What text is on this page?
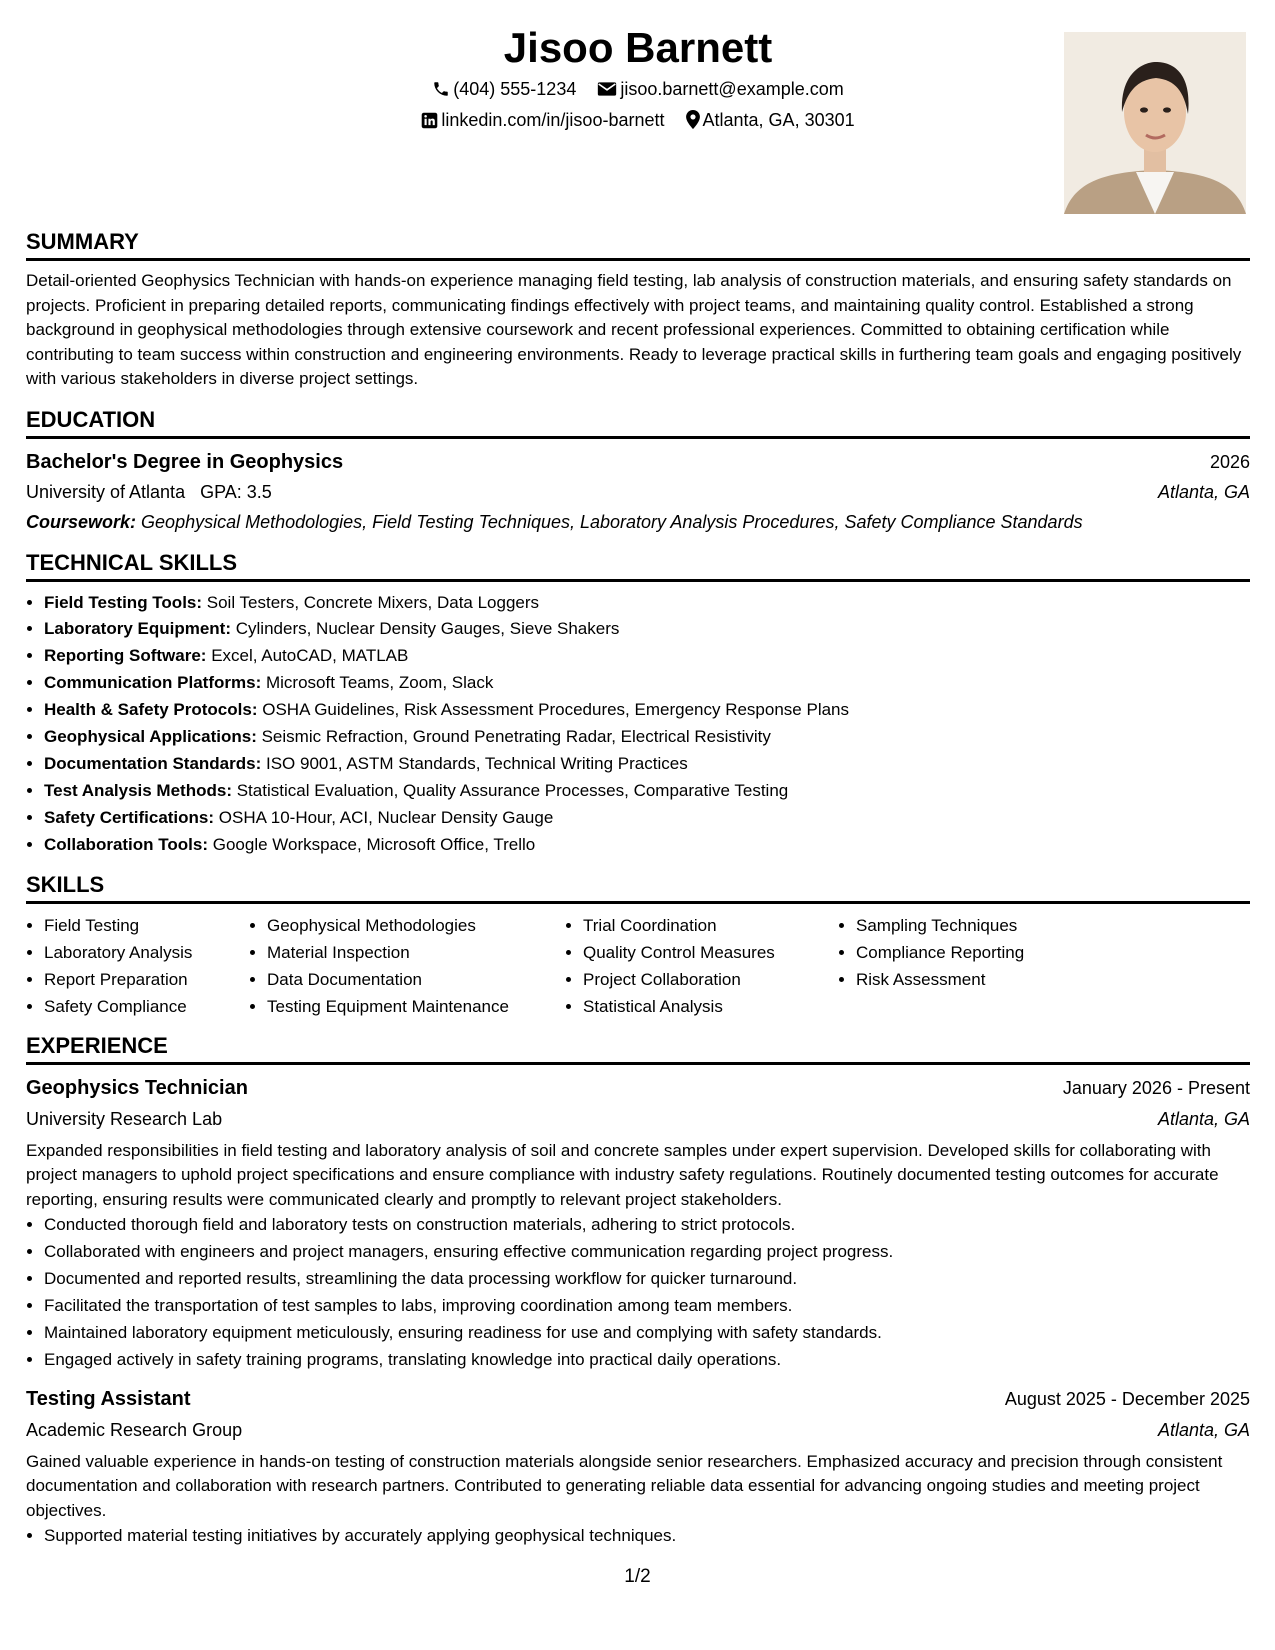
Jisoo Barnett
(404) 555-1234 jisoo.barnett@example.com
linkedin.com/in/jisoo-barnett Atlanta, GA, 30301
SUMMARY

Detail-oriented Geophysics Technician with hands-on experience managing field testing, lab analysis of construction materials, and ensuring safety standards on projects. Proficient in preparing detailed reports, communicating findings effectively with project teams, and maintaining quality control. Established a strong background in geophysical methodologies through extensive coursework and recent professional experiences. Committed to obtaining certification while contributing to team success within construction and engineering environments. Ready to leverage practical skills in furthering team goals and engaging positively with various stakeholders in diverse project settings.

EDUCATION
Bachelor's Degree in Geophysics	2026
University of Atlanta GPA: 3.5	Atlanta, GA
Coursework: Geophysical Methodologies, Field Testing Techniques, Laboratory Analysis Procedures, Safety Compliance Standards
TECHNICAL SKILLS
• Field Testing Tools: Soil Testers, Concrete Mixers, Data Loggers
• Laboratory Equipment: Cylinders, Nuclear Density Gauges, Sieve Shakers
• Reporting Software: Excel, AutoCAD, MATLAB
• Communication Platforms: Microsoft Teams, Zoom, Slack
• Health & Safety Protocols: OSHA Guidelines, Risk Assessment Procedures, Emergency Response Plans
• Geophysical Applications: Seismic Refraction, Ground Penetrating Radar, Electrical Resistivity
• Documentation Standards: ISO 9001, ASTM Standards, Technical Writing Practices
• Test Analysis Methods: Statistical Evaluation, Quality Assurance Processes, Comparative Testing
• Safety Certifications: OSHA 10-Hour, ACI, Nuclear Density Gauge
• Collaboration Tools: Google Workspace, Microsoft Office, Trello
SKILLS
• Field Testing
• Laboratory Analysis
• Report Preparation
• Safety Compliance
• Geophysical Methodologies
• Material Inspection
• Data Documentation
• Testing Equipment Maintenance
• Trial Coordination
• Quality Control Measures
• Project Collaboration
• Statistical Analysis
• Sampling Techniques
• Compliance Reporting
• Risk Assessment
EXPERIENCE
Geophysics Technician	January 2026 - Present
University Research Lab	Atlanta, GA

Expanded responsibilities in field testing and laboratory analysis of soil and concrete samples under expert supervision. Developed skills for collaborating with project managers to uphold project specifications and ensure compliance with industry safety regulations. Routinely documented testing outcomes for accurate reporting, ensuring results were communicated clearly and promptly to relevant project stakeholders.

• Conducted thorough field and laboratory tests on construction materials, adhering to strict protocols.
• Collaborated with engineers and project managers, ensuring effective communication regarding project progress.
• Documented and reported results, streamlining the data processing workflow for quicker turnaround.
• Facilitated the transportation of test samples to labs, improving coordination among team members.
• Maintained laboratory equipment meticulously, ensuring readiness for use and complying with safety standards.
• Engaged actively in safety training programs, translating knowledge into practical daily operations.
Testing Assistant	August 2025 - December 2025
Academic Research Group	Atlanta, GA

Gained valuable experience in hands-on testing of construction materials alongside senior researchers. Emphasized accuracy and precision through consistent documentation and collaboration with research partners. Contributed to generating reliable data essential for advancing ongoing studies and meeting project objectives.

• Supported material testing initiatives by accurately applying geophysical techniques.
1/2
